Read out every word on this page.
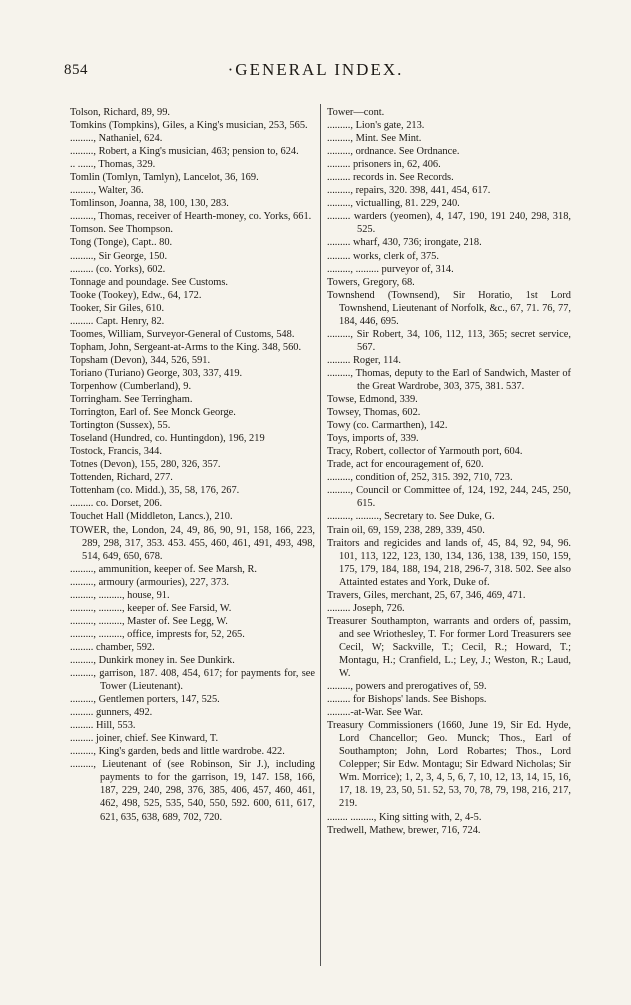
854	·GENERAL INDEX.
Tolson, Richard, 89, 99.
Tomkins (Tompkins), Giles, a King's musician, 253, 565.
........., Nathaniel, 624.
........., Robert, a King's musician, 463; pension to, 624.
.. ......, Thomas, 329.
Tomlin (Tomlyn, Tamlyn), Lancelot, 36, 169.
........., Walter, 36.
Tomlinson, Joanna, 38, 100, 130, 283.
........., Thomas, receiver of Hearth-money, co. Yorks, 661.
Tomson. See Thompson.
Tong (Tonge), Capt.. 80.
........., Sir George, 150.
......... (co. Yorks), 602.
Tonnage and poundage. See Customs.
Tooke (Tookey), Edw., 64, 172.
Tooker, Sir Giles, 610.
......... Capt. Henry, 82.
Toomes, William, Surveyor-General of Customs, 548.
Topham, John, Sergeant-at-Arms to the King. 348, 560.
Topsham (Devon), 344, 526, 591.
Toriano (Turiano) George, 303, 337, 419.
Torpenhow (Cumberland), 9.
Torringham. See Terringham.
Torrington, Earl of. See Monck George.
Tortington (Sussex), 55.
Toseland (Hundred, co. Huntingdon), 196, 219
Tostock, Francis, 344.
Totnes (Devon), 155, 280, 326, 357.
Tottenden, Richard, 277.
Tottenham (co. Midd.), 35, 58, 176, 267.
......... co. Dorset, 206.
Touchet Hall (Middleton, Lancs.), 210.
TOWER, the, London, 24, 49, 86, 90, 91, 158, 166, 223, 289, 298, 317, 353. 453. 455, 460, 461, 491, 493, 498, 514, 649, 650, 678.
........., ammunition, keeper of. See Marsh, R.
........., armoury (armouries), 227, 373.
........., ........., house, 91.
........., ........., keeper of. See Farsid, W.
........., ........., Master of. See Legg, W.
........., ........., office, imprests for, 52, 265.
......... chamber, 592.
........., Dunkirk money in. See Dunkirk.
........., garrison, 187. 408, 454, 617; for payments for, see Tower (Lieutenant).
........., Gentlemen porters, 147, 525.
......... gunners, 492.
......... Hill, 553.
......... joiner, chief. See Kinward, T.
........., King's garden, beds and little wardrobe. 422.
........., Lieutenant of (see Robinson, Sir J.), including payments to for the garrison, 19, 147. 158, 166, 187, 229, 240, 298, 376, 385, 406, 457, 460, 461, 462, 498, 525, 535, 540, 550, 592. 600, 611, 617, 621, 635, 638, 689, 702, 720.
Tower—cont.
........., Lion's gate, 213.
........., Mint. See Mint.
........., ordnance. See Ordnance.
......... prisoners in, 62, 406.
......... records in. See Records.
........., repairs, 320. 398, 441, 454, 617.
........., victualling, 81. 229, 240.
......... warders (yeomen), 4, 147, 190, 191 240, 298, 318, 525.
......... wharf, 430, 736; irongate, 218.
......... works, clerk of, 375.
........., ......... purveyor of, 314.
Towers, Gregory, 68.
Townshend (Townsend), Sir Horatio, 1st Lord Townshend, Lieutenant of Norfolk, &c., 67, 71. 76, 77, 184, 446, 695.
........., Sir Robert, 34, 106, 112, 113, 365; secret service, 567.
......... Roger, 114.
........., Thomas, deputy to the Earl of Sandwich, Master of the Great Wardrobe, 303, 375, 381. 537.
Towse, Edmond, 339.
Towsey, Thomas, 602.
Towy (co. Carmarthen), 142.
Toys, imports of, 339.
Tracy, Robert, collector of Yarmouth port, 604.
Trade, act for encouragement of, 620.
........., condition of, 252, 315. 392, 710, 723.
........., Council or Committee of, 124, 192, 244, 245, 250, 615.
........., ........., Secretary to. See Duke, G.
Train oil, 69, 159, 238, 289, 339, 450.
Traitors and regicides and lands of, 45, 84, 92, 94, 96. 101, 113, 122, 123, 130, 134, 136, 138, 139, 150, 159, 175, 179, 184, 188, 194, 218, 296-7, 318. 502. See also Attainted estates and York, Duke of.
Travers, Giles, merchant, 25, 67, 346, 469, 471.
......... Joseph, 726.
Treasurer Southampton, warrants and orders of, passim, and see Wriothesley, T. For former Lord Treasurers see Cecil, W; Sackville, T.; Cecil, R.; Howard, T.; Montagu, H.; Cranfield, L.; Ley, J.; Weston, R.; Laud, W.
........., powers and prerogatives of, 59.
......... for Bishops' lands. See Bishops.
.........-at-War. See War.
Treasury Commissioners (1660, June 19, Sir Ed. Hyde, Lord Chancellor; Geo. Munck; Thos., Earl of Southampton; John, Lord Robartes; Thos., Lord Colepper; Sir Edw. Montagu; Sir Edward Nicholas; Sir Wm. Morrice); 1, 2, 3, 4, 5, 6, 7, 10, 12, 13, 14, 15, 16, 17, 18. 19, 23, 50, 51. 52, 53, 70, 78, 79, 198, 216, 217, 219.
........ ........., King sitting with, 2, 4-5.
Tredwell, Mathew, brewer, 716, 724.
